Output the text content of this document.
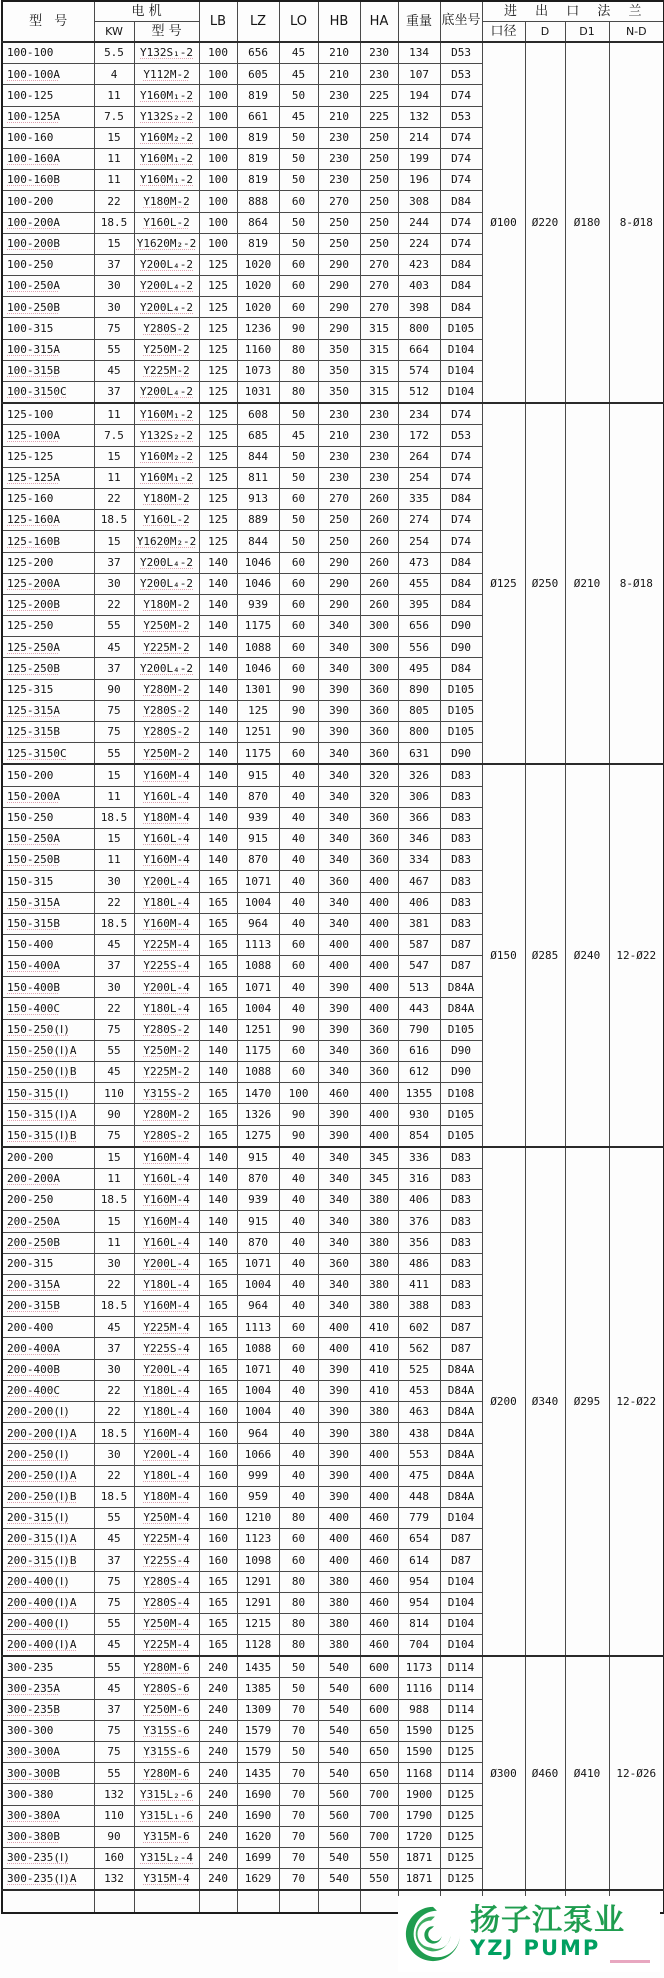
型 号	电 机		LB	LZ	LO	HB	HA	重量	底坐号	进 出 口 法 兰			
	KW	型 号								口径	D	D1	N-D
100-100	5.5	Y132S₁-2	100	656	45	210	230	134	D53	Ø100	Ø220	Ø180	8-Ø18
100-100A	4	Y112M-2	100	605	45	210	230	107	D53				
100-125	11	Y160M₁-2	100	819	50	230	225	194	D74				
100-125A	7.5	Y132S₂-2	100	661	45	210	225	132	D53				
100-160	15	Y160M₂-2	100	819	50	230	250	214	D74				
100-160A	11	Y160M₁-2	100	819	50	230	250	199	D74				
100-160B	11	Y160M₁-2	100	819	50	230	250	196	D74				
100-200	22	Y180M-2	100	888	60	270	250	308	D84				
100-200A	18.5	Y160L-2	100	864	50	250	250	244	D74				
100-200B	15	Y1620M₂-2	100	819	50	250	250	224	D74				
100-250	37	Y200L₄-2	125	1020	60	290	270	423	D84				
100-250A	30	Y200L₄-2	125	1020	60	290	270	403	D84				
100-250B	30	Y200L₄-2	125	1020	60	290	270	398	D84				
100-315	75	Y280S-2	125	1236	90	290	315	800	D105				
100-315A	55	Y250M-2	125	1160	80	350	315	664	D104				
100-315B	45	Y225M-2	125	1073	80	350	315	574	D104				
100-3150C	37	Y200L₄-2	125	1031	80	350	315	512	D104				
125-100	11	Y160M₁-2	125	608	50	230	230	234	D74	Ø125	Ø250	Ø210	8-Ø18
125-100A	7.5	Y132S₂-2	125	685	45	210	230	172	D53				
125-125	15	Y160M₂-2	125	844	50	230	230	264	D74				
125-125A	11	Y160M₁-2	125	811	50	230	230	254	D74				
125-160	22	Y180M-2	125	913	60	270	260	335	D84				
125-160A	18.5	Y160L-2	125	889	50	250	260	274	D74				
125-160B	15	Y1620M₂-2	125	844	50	250	260	254	D74				
125-200	37	Y200L₄-2	140	1046	60	290	260	473	D84				
125-200A	30	Y200L₄-2	140	1046	60	290	260	455	D84				
125-200B	22	Y180M-2	140	939	60	290	260	395	D84				
125-250	55	Y250M-2	140	1175	60	340	300	656	D90				
125-250A	45	Y225M-2	140	1088	60	340	300	556	D90				
125-250B	37	Y200L₄-2	140	1046	60	340	300	495	D84				
125-315	90	Y280M-2	140	1301	90	390	360	890	D105				
125-315A	75	Y280S-2	140	125	90	390	360	805	D105				
125-315B	75	Y280S-2	140	1251	90	390	360	800	D105				
125-3150C	55	Y250M-2	140	1175	60	340	360	631	D90				
150-200	15	Y160M-4	140	915	40	340	320	326	D83	Ø150	Ø285	Ø240	12-Ø22
150-200A	11	Y160L-4	140	870	40	340	320	306	D83				
150-250	18.5	Y180M-4	140	939	40	340	360	366	D83				
150-250A	15	Y160L-4	140	915	40	340	360	346	D83				
150-250B	11	Y160M-4	140	870	40	340	360	334	D83				
150-315	30	Y200L-4	165	1071	40	360	400	467	D83				
150-315A	22	Y180L-4	165	1004	40	340	400	406	D83				
150-315B	18.5	Y160M-4	165	964	40	340	400	381	D83				
150-400	45	Y225M-4	165	1113	60	400	400	587	D87				
150-400A	37	Y225S-4	165	1088	60	400	400	547	D87				
150-400B	30	Y200L-4	165	1071	40	390	400	513	D84A				
150-400C	22	Y180L-4	165	1004	40	390	400	443	D84A				
150-250(Ⅰ)	75	Y280S-2	140	1251	90	390	360	790	D105				
150-250(Ⅰ)A	55	Y250M-2	140	1175	60	340	360	616	D90				
150-250(Ⅰ)B	45	Y225M-2	140	1088	60	340	360	612	D90				
150-315(Ⅰ)	110	Y315S-2	165	1470	100	460	400	1355	D108				
150-315(Ⅰ)A	90	Y280M-2	165	1326	90	390	400	930	D105				
150-315(Ⅰ)B	75	Y280S-2	165	1275	90	390	400	854	D105				
200-200	15	Y160M-4	140	915	40	340	345	336	D83	Ø200	Ø340	Ø295	12-Ø22
200-200A	11	Y160L-4	140	870	40	340	345	316	D83				
200-250	18.5	Y160M-4	140	939	40	340	380	406	D83				
200-250A	15	Y160M-4	140	915	40	340	380	376	D83				
200-250B	11	Y160L-4	140	870	40	340	380	356	D83				
200-315	30	Y200L-4	165	1071	40	360	380	486	D83				
200-315A	22	Y180L-4	165	1004	40	340	380	411	D83				
200-315B	18.5	Y160M-4	165	964	40	340	380	388	D83				
200-400	45	Y225M-4	165	1113	60	400	410	602	D87				
200-400A	37	Y225S-4	165	1088	60	400	410	562	D87				
200-400B	30	Y200L-4	165	1071	40	390	410	525	D84A				
200-400C	22	Y180L-4	165	1004	40	390	410	453	D84A				
200-200(Ⅰ)	22	Y180L-4	160	1004	40	390	380	463	D84A				
200-200(Ⅰ)A	18.5	Y160M-4	160	964	40	390	380	438	D84A				
200-250(Ⅰ)	30	Y200L-4	160	1066	40	390	400	553	D84A				
200-250(Ⅰ)A	22	Y180L-4	160	999	40	390	400	475	D84A				
200-250(Ⅰ)B	18.5	Y180M-4	160	959	40	390	400	448	D84A				
200-315(Ⅰ)	55	Y250M-4	160	1210	80	400	460	779	D104				
200-315(Ⅰ)A	45	Y225M-4	160	1123	60	400	460	654	D87				
200-315(Ⅰ)B	37	Y225S-4	160	1098	60	400	460	614	D87				
200-400(Ⅰ)	75	Y280S-4	165	1291	80	380	460	954	D104				
200-400(Ⅰ)A	75	Y280S-4	165	1291	80	380	460	954	D104				
200-400(Ⅰ)	55	Y250M-4	165	1215	80	380	460	814	D104				
200-400(Ⅰ)A	45	Y225M-4	165	1128	80	380	460	704	D104				
300-235	55	Y280M-6	240	1435	50	540	600	1173	D114	Ø300	Ø460	Ø410	12-Ø26
300-235A	45	Y280S-6	240	1385	50	540	600	1116	D114				
300-235B	37	Y250M-6	240	1309	70	540	600	988	D114				
300-300	75	Y315S-6	240	1579	70	540	650	1590	D125				
300-300A	75	Y315S-6	240	1579	50	540	650	1590	D125				
300-300B	55	Y280M-6	240	1435	70	540	650	1168	D114				
300-380	132	Y315L₂-6	240	1690	70	560	700	1900	D125				
300-380A	110	Y315L₁-6	240	1690	70	560	700	1790	D125				
300-380B	90	Y315M-6	240	1620	70	560	700	1720	D125				
300-235(Ⅰ)	160	Y315L₂-4	240	1699	70	540	550	1871	D125				
300-235(Ⅰ)A	132	Y315M-4	240	1629	70	540	550	1871	D125				

扬子江泵业
YZJ PUMP
